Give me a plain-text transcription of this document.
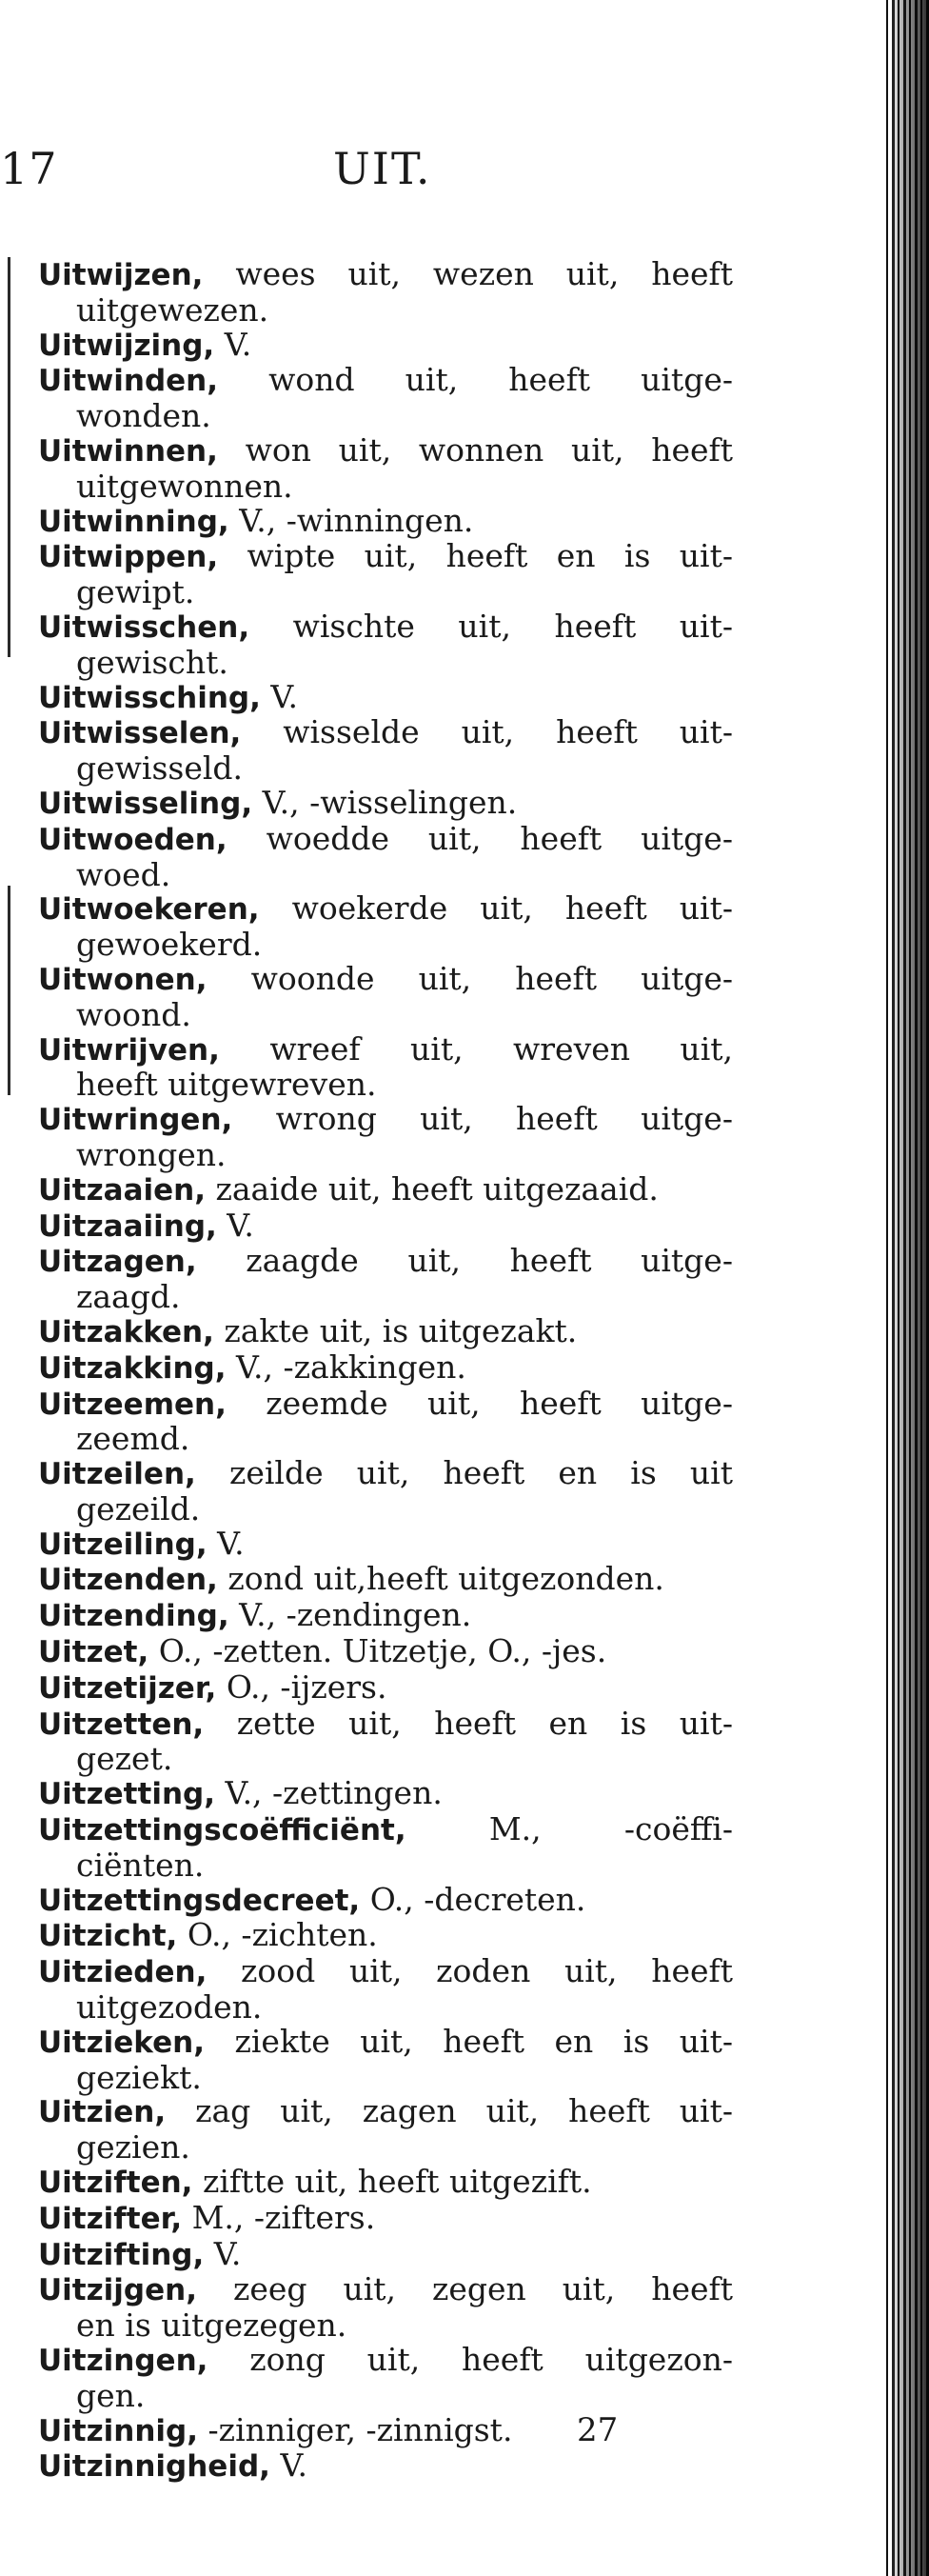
17	UIT.
Uitwijzen, wees uit, wezen uit, heeft
uitgewezen.
Uitwijzing, V.
Uitwinden, wond uit, heeft uitge-
wonden.
Uitwinnen, won uit, wonnen uit, heeft
uitgewonnen.
Uitwinning, V., -winningen.
Uitwippen, wipte uit, heeft en is uit-
gewipt.
Uitwisschen, wischte uit, heeft uit-
gewischt.
Uitwissching, V.
Uitwisselen, wisselde uit, heeft uit-
gewisseld.
Uitwisseling, V., -wisselingen.
Uitwoeden, woedde uit, heeft uitge-
woed.
Uitwoekeren, woekerde uit, heeft uit-
gewoekerd.
Uitwonen, woonde uit, heeft uitge-
woond.
Uitwrijven, wreef uit, wreven uit,
heeft uitgewreven.
Uitwringen, wrong uit, heeft uitge-
wrongen.
Uitzaaien, zaaide uit, heeft uitgezaaid.
Uitzaaiing, V.
Uitzagen, zaagde uit, heeft uitge-
zaagd.
Uitzakken, zakte uit, is uitgezakt.
Uitzakking, V., -zakkingen.
Uitzeemen, zeemde uit, heeft uitge-
zeemd.
Uitzeilen, zeilde uit, heeft en is uit
gezeild.
Uitzeiling, V.
Uitzenden, zond uit,heeft uitgezonden.
Uitzending, V., -zendingen.
Uitzet, O., -zetten. Uitzetje, O., -jes.
Uitzetijzer, O., -ijzers.
Uitzetten, zette uit, heeft en is uit-
gezet.
Uitzetting, V., -zettingen.
Uitzettingscoëfficiënt,	M., -coëffi-
ciënten.
Uitzettingsdecreet, O., -decreten.
Uitzicht, O., -zichten.
Uitzieden, zood uit, zoden uit, heeft
uitgezoden.
Uitzieken, ziekte uit, heeft en is uit-
geziekt.
Uitzien, zag uit, zagen uit, heeft uit-
gezien.
Uitziften, ziftte uit, heeft uitgezift.
Uitzifter, M., -zifters.
Uitzifting, V.
Uitzijgen, zeeg uit, zegen uit, heeft
en is uitgezegen.
Uitzingen, zong uit, heeft uitgezon-
gen.
Uitzinnig, -zinniger, -zinnigst.
Uitzinnigheid, V.
27
